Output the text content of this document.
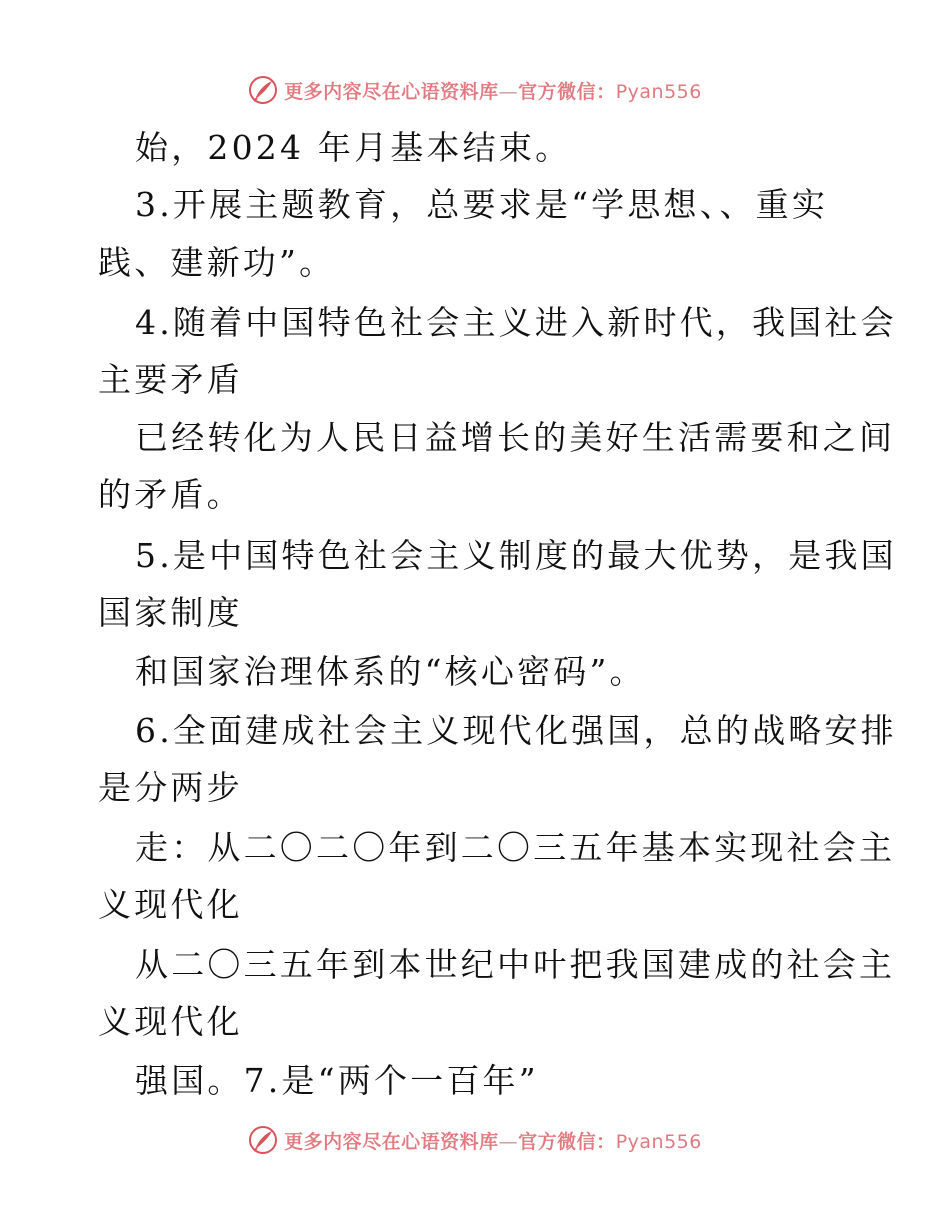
更多内容尽在心语资料库—官方微信：Pyan556
始，2024 年月基本结束。
3.开展主题教育，总要求是“学思想、、重实
践、建新功”。
4.随着中国特色社会主义进入新时代，我国社会
主要矛盾
已经转化为人民日益增长的美好生活需要和之间
的矛盾。
5.是中国特色社会主义制度的最大优势，是我国
国家制度
和国家治理体系的“核心密码”。
6.全面建成社会主义现代化强国，总的战略安排
是分两步
走：从二〇二〇年到二〇三五年基本实现社会主
义现代化
从二〇三五年到本世纪中叶把我国建成的社会主
义现代化
强国。7.是“两个一百年”
更多内容尽在心语资料库—官方微信：Pyan556
